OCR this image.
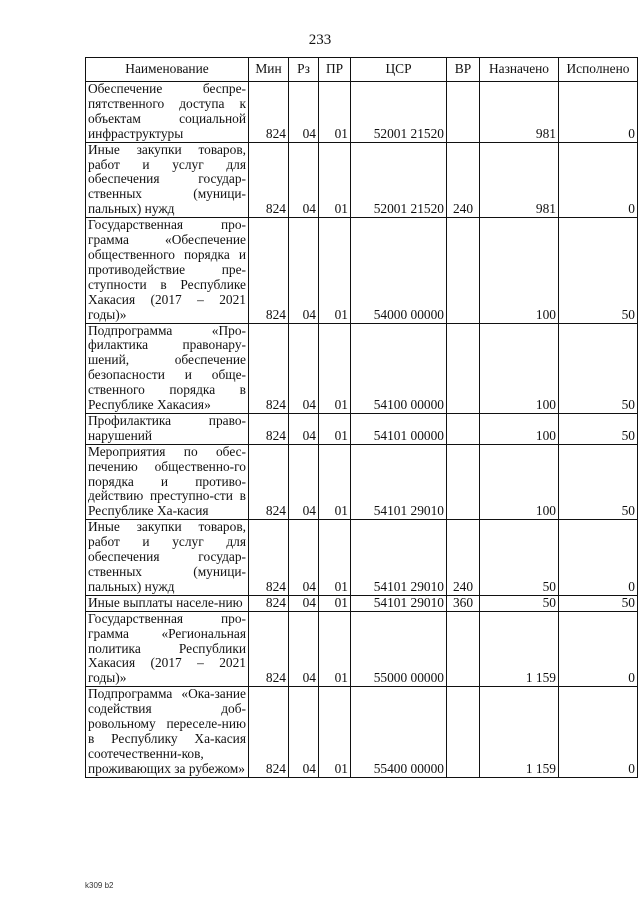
233
Наименование	Мин	Рз	ПР	ЦСР	ВР	Назначено	Исполнено
Обеспечение беспре-пятственного доступа к объектам социальной инфраструктуры	824	04	01	52001 21520		981	0
Иные закупки товаров, работ и услуг для обеспечения государ-ственных (муници-пальных) нужд	824	04	01	52001 21520	240	981	0
Государственная про-грамма «Обеспечение общественного порядка и противодействие пре-ступности в Республике Хакасия (2017 – 2021 годы)»	824	04	01	54000 00000		100	50
Подпрограмма «Про-филактика правонару-шений, обеспечение безопасности и обще-ственного порядка в Республике Хакасия»	824	04	01	54100 00000		100	50
Профилактика право-нарушений	824	04	01	54101 00000		100	50
Мероприятия по обес-печению общественно-го порядка и противо-действию преступно-сти в Республике Ха-касия	824	04	01	54101 29010		100	50
Иные закупки товаров, работ и услуг для обеспечения государ-ственных (муници-пальных) нужд	824	04	01	54101 29010	240	50	0
Иные выплаты населе-нию	824	04	01	54101 29010	360	50	50
Государственная про-грамма «Региональная политика Республики Хакасия (2017 – 2021 годы)»	824	04	01	55000 00000		1 159	0
Подпрограмма «Ока-зание содействия доб-ровольному переселе-нию в Республику Ха-касия соотечественни-ков, проживающих за рубежом»	824	04	01	55400 00000		1 159	0
k309 b2
